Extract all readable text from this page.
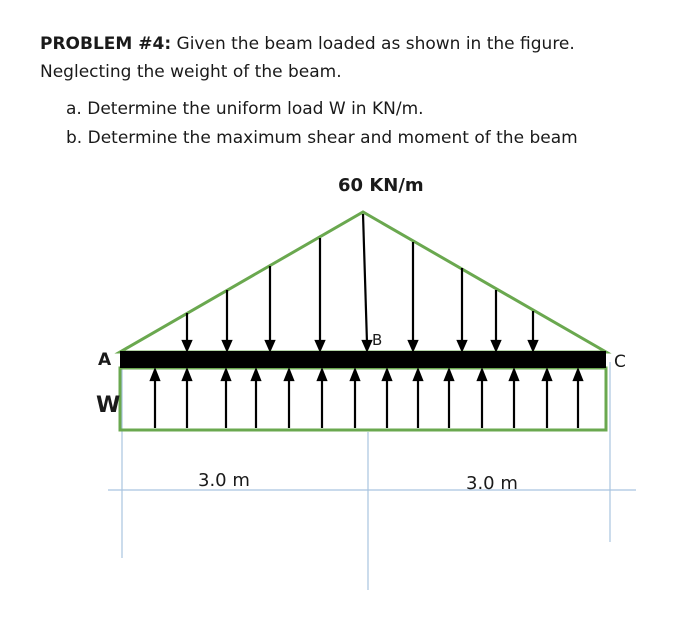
PROBLEM #4: Given the beam loaded as shown in the figure.
Neglecting the weight of the beam.
a. Determine the uniform load W in KN/m.
b. Determine the maximum shear and moment of the beam
60 KN/m
A
B
C
W
3.0 m	3.0 m
